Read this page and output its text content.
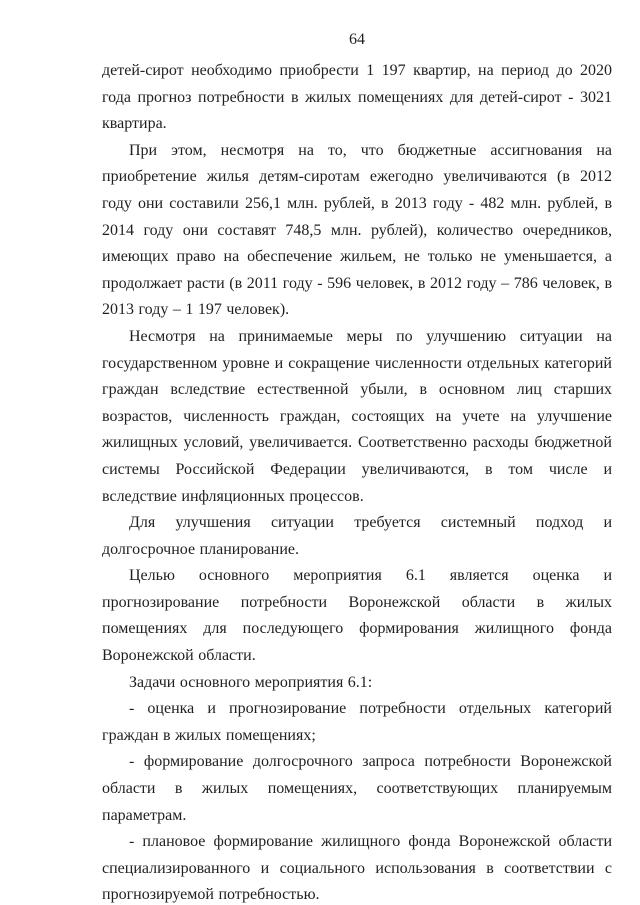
64

детей-сирот необходимо приобрести 1 197 квартир, на период до 2020 года прогноз потребности в жилых помещениях для детей-сирот - 3021 квартира.

При этом, несмотря на то, что бюджетные ассигнования на приобретение жилья детям-сиротам ежегодно увеличиваются (в 2012 году они составили 256,1 млн. рублей, в 2013 году - 482 млн. рублей, в 2014 году они составят 748,5 млн. рублей), количество очередников, имеющих право на обеспечение жильем, не только не уменьшается, а продолжает расти (в 2011 году - 596 человек, в 2012 году – 786 человек, в 2013 году – 1 197 человек).

Несмотря на принимаемые меры по улучшению ситуации на государственном уровне и сокращение численности отдельных категорий граждан вследствие естественной убыли, в основном лиц старших возрастов, численность граждан, состоящих на учете на улучшение жилищных условий, увеличивается. Соответственно расходы бюджетной системы Российской Федерации увеличиваются, в том числе и вследствие инфляционных процессов.

Для улучшения ситуации требуется системный подход и долгосрочное планирование.

Целью основного мероприятия 6.1 является оценка и прогнозирование потребности Воронежской области в жилых помещениях для последующего формирования жилищного фонда Воронежской области.

Задачи основного мероприятия 6.1:

- оценка и прогнозирование потребности отдельных категорий граждан в жилых помещениях;

- формирование долгосрочного запроса потребности Воронежской области в жилых помещениях, соответствующих планируемым параметрам.

- плановое формирование жилищного фонда Воронежской области специализированного и социального использования в соответствии с прогнозируемой потребностью.
